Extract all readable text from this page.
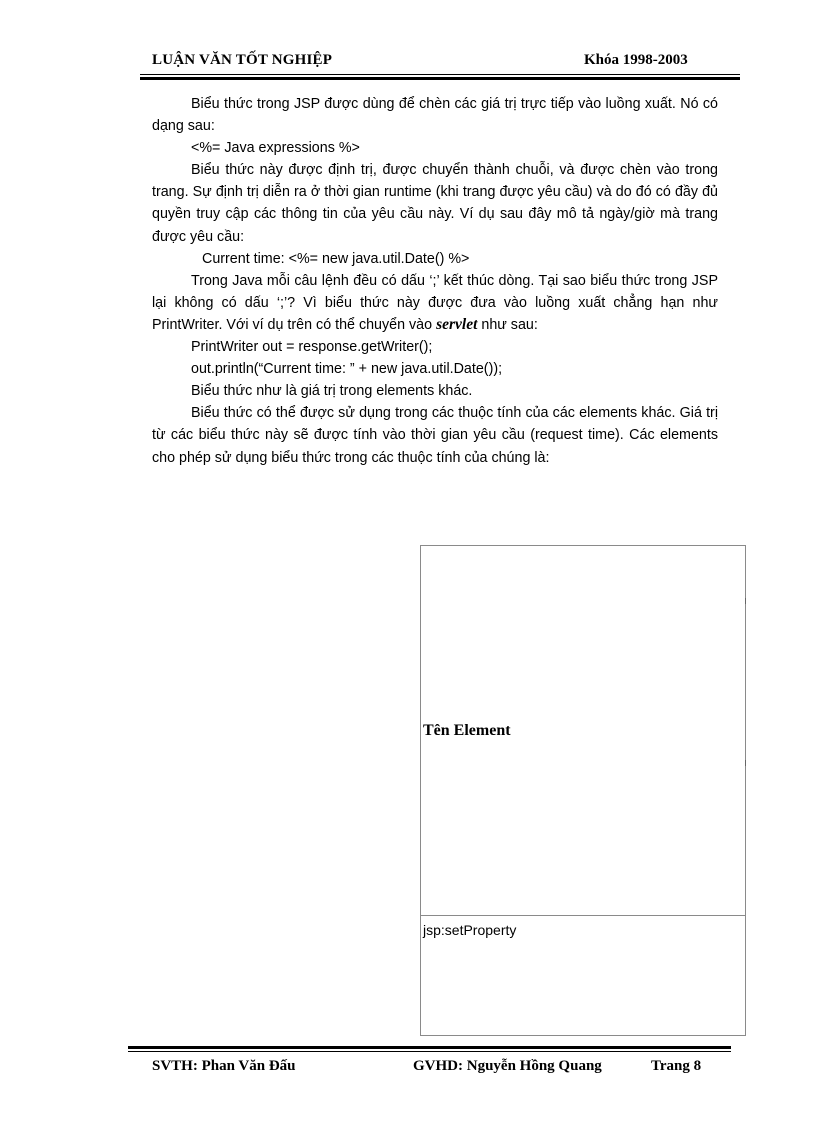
LUẬN VĂN TỐT NGHIỆP	Khóa 1998-2003

Biểu thức trong JSP được dùng để chèn các giá trị trực tiếp vào luồng xuất. Nó có dạng sau:

<%= Java expressions %>

Biểu thức này được định trị, được chuyển thành chuỗi, và được chèn vào trong trang. Sự định trị diễn ra ở thời gian runtime (khi trang được yêu cầu) và do đó có đầy đủ quyền truy cập các thông tin của yêu cầu này. Ví dụ sau đây mô tả ngày/giờ mà trang được yêu cầu:

Current time: <%= new java.util.Date() %>

Trong Java mỗi câu lệnh đều có dấu ‘;’ kết thúc dòng. Tại sao biểu thức trong JSP lại không có dấu ‘;’? Vì biểu thức này được đưa vào luồng xuất chẳng hạn như PrintWriter. Với ví dụ trên có thể chuyển vào servlet như sau:

PrintWriter out = response.getWriter();

out.println(“Current time: ” + new java.util.Date());

Biểu thức như là giá trị trong elements khác.

Biểu thức có thể được sử dụng trong các thuộc tính của các elements khác. Giá trị từ các biểu thức này sẽ được tính vào thời gian yêu cầu (request time). Các elements cho phép sử dụng biểu thức trong các thuộc tính của chúng là:

Tên Element
jsp:setProperty
SVTH: Phan Văn Đấu	GVHD: Nguyễn Hồng Quang	Trang 8
